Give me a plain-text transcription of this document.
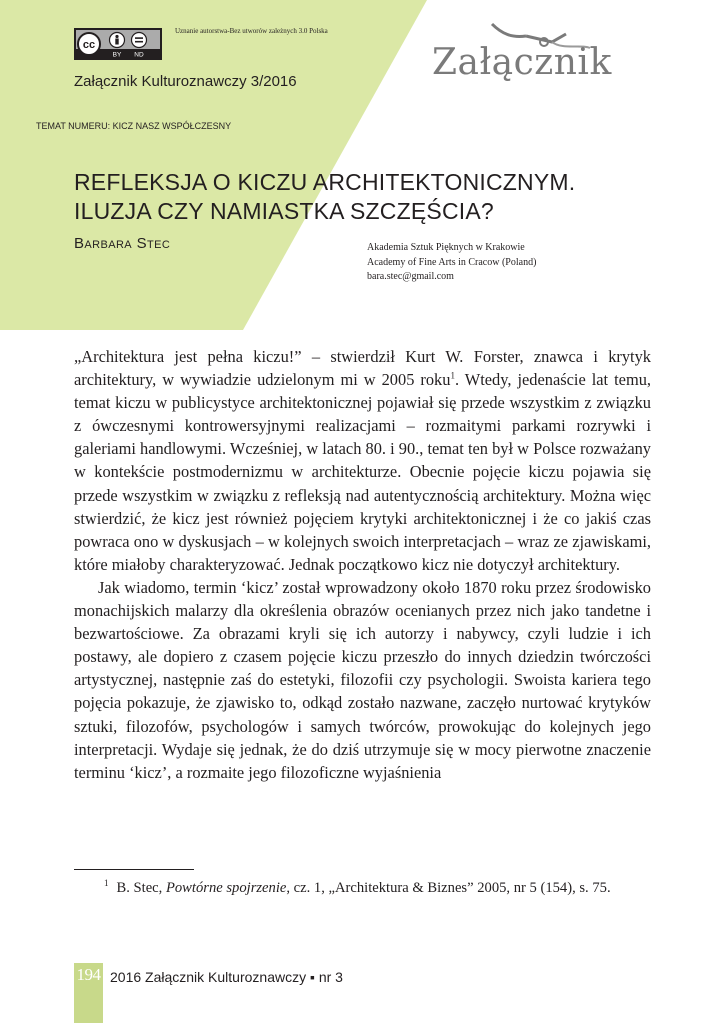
cc
BY ND
Uznanie autorstwa-Bez utworów zależnych 3.0 Polska
Załącznik Kulturoznawczy 3/2016	Załącznik
TEMAT NUMERU: KICZ NASZ WSPÓŁCZESNY
REFLEKSJA O KICZU ARCHITEKTONICZNYM.
ILUZJA CZY NAMIASTKA SZCZĘŚCIA?
Barbara Stec	Akademia Sztuk Pięknych w Krakowie
Academy of Fine Arts in Cracow (Poland)
bara.stec@gmail.com

„Architektura jest pełna kiczu!” – stwierdził Kurt W. Forster, znawca i krytyk architektury, w wywiadzie udzielonym mi w 2005 roku$^1$. Wtedy, jedenaście lat temu, temat kiczu w publicystyce architektonicznej pojawiał się przede wszystkim z związku z ówczesnymi kontrowersyjnymi realizacjami – rozmaitymi parkami rozrywki i galeriami handlowymi. Wcześniej, w latach 80. i 90., temat ten był w Polsce rozważany w kontekście postmodernizmu w architekturze. Obecnie pojęcie kiczu pojawia się przede wszystkim w związku z refleksją nad autentycznością architektury. Można więc stwierdzić, że kicz jest również pojęciem krytyki architektonicznej i że co jakiś czas powraca ono w dyskusjach – w kolejnych swoich interpretacjach – wraz ze zjawiskami, które miałoby charakteryzować. Jednak początkowo kicz nie dotyczył architektury.

Jak wiadomo, termin ‘kicz’ został wprowadzony około 1870 roku przez środowisko monachijskich malarzy dla określenia obrazów ocenianych przez nich jako tandetne i bezwartościowe. Za obrazami kryli się ich autorzy i nabywcy, czyli ludzie i ich postawy, ale dopiero z czasem pojęcie kiczu przeszło do innych dziedzin twórczości artystycznej, następnie zaś do estetyki, filozofii czy psychologii. Swoista kariera tego pojęcia pokazuje, że zjawisko to, odkąd zostało nazwane, zaczęło nurtować krytyków sztuki, filozofów, psychologów i samych twórców, prowokując do kolejnych jego interpretacji. Wydaje się jednak, że do dziś utrzymuje się w mocy pierwotne znaczenie terminu ‘kicz’, a rozmaite jego filozoficzne wyjaśnienia

1 B. Stec, Powtórne spojrzenie, cz. 1, „Architektura & Biznes” 2005, nr 5 (154), s. 75.
194 2016 Załącznik Kulturoznawczy ▪ nr 3
